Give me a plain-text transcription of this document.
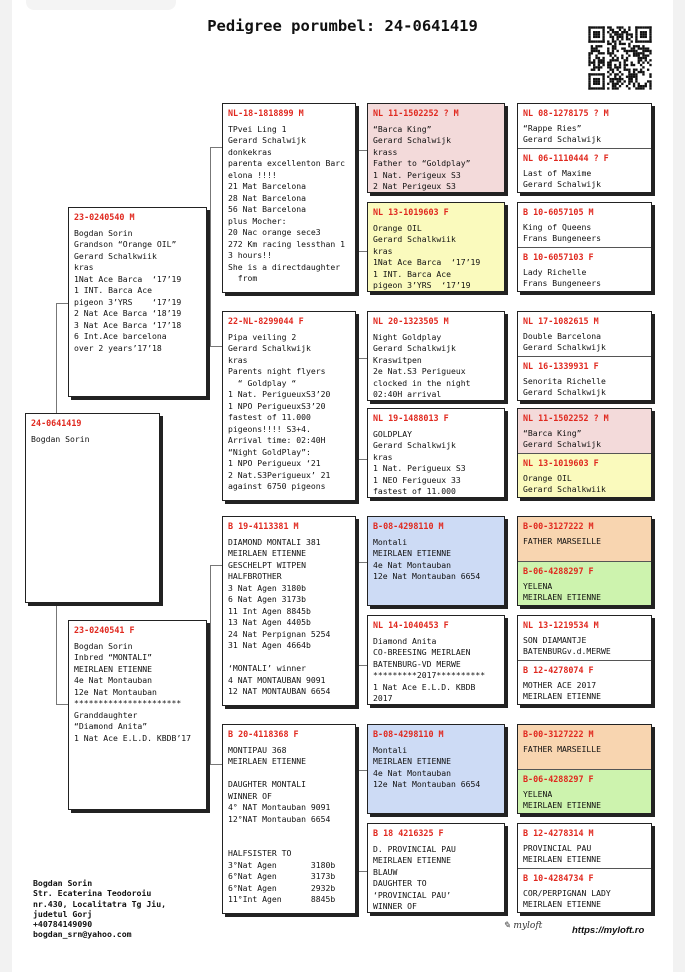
Pedigree porumbel: 24-0641419
24-0641419
Bogdan Sorin
23-0240540 M
Bogdan Sorin
Grandson “Orange OIL”
Gerard Schalkwiik
kras
1Nat Ace Barca  ‘17’19
1 INT. Barca Ace
pigeon 3’YRS    ‘17’19
2 Nat Ace Barca ‘18’19
3 Nat Ace Barca ‘17’18
6 Int.Ace barcelona
over 2 years’17’18
23-0240541 F
Bogdan Sorin
Inbred “MONTALI”
MEIRLAEN ETIENNE
4e Nat Montauban
12e Nat Montauban
**********************
Granddaughter
“Diamond Anita”
1 Nat Ace E.L.D. KBDB’17
NL-18-1818899 M
TPvei Ling 1
Gerard Schalwijk
donkekras
parenta excellenton Barc
elona !!!!
21 Mat Barcelona
28 Nat Barcelona
56 Nat Barcelona
plus Mocher:
20 Nac orange sece3
272 Km racing lessthan 1
3 hours!!
She is a directdaughter
from
22-NL-8299044 F
Pipa veiling 2
Gerard Schalkwijk
kras
Parents night flyers
“ Goldplay “
1 Nat. PerigueuxS3’20
1 NPO PerigueuxS3’20
fastest of 11.000
pigeons!!!! S3+4.
Arrival time: 02:40H
“Night GoldPlay”:
1 NPO Perigueux ‘21
2 Nat.S3Perigueux’ 21
against 6750 pigeons
B 19-4113381 M
DIAMOND MONTALI 381
MEIRLAEN ETIENNE
GESCHELPT WITPEN
HALFBROTHER
3 Nat Agen 3180b
6 Nat Agen 3173b
11 Int Agen 8845b
13 Nat Agen 4405b
24 Nat Perpignan 5254
31 Nat Agen 4664b

‘MONTALI’ winner
4 NAT MONTAUBAN 9091
12 NAT MONTAUBAN 6654
B 20-4118368 F
MONTIPAU 368
MEIRLAEN ETIENNE

DAUGHTER MONTALI
WINNER OF
4° NAT Montauban 9091
12°NAT Montauban 6654

HALFSISTER TO
3°Nat Agen       3180b
6°Nat Agen       3173b
6°Nat Agen       2932b
11°Int Agen      8845b
NL 11-1502252 ? M
“Barca King”
Gerard Schalwijk
krass
Father to “Goldplay”
1 Nat. Perigeux S3
2 Nat Perigeux S3
NL 13-1019603 F
Orange OIL
Gerard Schalkwiik
kras
1Nat Ace Barca  ‘17’19
1 INT. Barca Ace
pigeon 3’YRS  ‘17’19
NL 20-1323505 M
Night Goldplay
Gerard Schalkwijk
Kraswitpen
2e Nat.S3 Perigueux
clocked in the night
02:40H arrival
NL 19-1488013 F
GOLDPLAY
Gerard Schalkwijk
kras
1 Nat. Perigueux S3
1 NEO Ferigueux 33
fastest of 11.000
B-08-4298110 M
Montali
MEIRLAEN ETIENNE
4e Nat Montauban
12e Nat Montauban 6654
NL 14-1040453 F
Diamond Anita
CO-BREESING MEIRLAEN
BATENBURG-VD MERWE
*********2017**********
1 Nat Ace E.L.D. KBDB
2017
B-08-4298110 M
Montali
MEIRLAEN ETIENNE
4e Nat Montauban
12e Nat Montauban 6654
B 18 4216325 F
D. PROVINCIAL PAU
MEIRLAEN ETIENNE
BLAUW
DAUGHTER TO
‘PROVINCIAL PAU’
WINNER OF
NL 08-1278175 ? M
“Rappe Ries”
Gerard Schalwijk
NL 06-1110444 ? F
Last of Maxime
Gerard Schalwijk
B 10-6057105 M
King of Queens
Frans Bungeneers
B 10-6057103 F
Lady Richelle
Frans Bungeneers
NL 17-1082615 M
Double Barcelona
Gerard Schalkwijk
NL 16-1339931 F
Senorita Richelle
Gerard Schalkwijk
NL 11-1502252 ? M
“Barca King”
Gerard Schalwijk
NL 13-1019603 F
Orange OIL
Gerard Schalkwiik
B-00-3127222 M
FATHER MARSEILLE
B-06-4288297 F
YELENA
MEIRLAEN ETIENNE
NL 13-1219534 M
SON DIAMANTJE
BATENBURGv.d.MERWE
B 12-4278074 F
MOTHER ACE 2017
MEIRLAEN ETIENNE
B-00-3127222 M
FATHER MARSEILLE
B-06-4288297 F
YELENA
MEIRLAEN ETIENNE
B 12-4278314 M
PROVINCIAL PAU
MEIRLAEN ETIENNE
B 10-4284734 F
COR/PERPIGNAN LADY
MEIRLAEN ETIENNE
Bogdan Sorin
Str. Ecaterina Teodoroiu
nr.430, Localitatra Tg Jiu,
judetul Gorj
+40784149090
bogdan_srn@yahoo.com
✎ myloft	https://myloft.ro
